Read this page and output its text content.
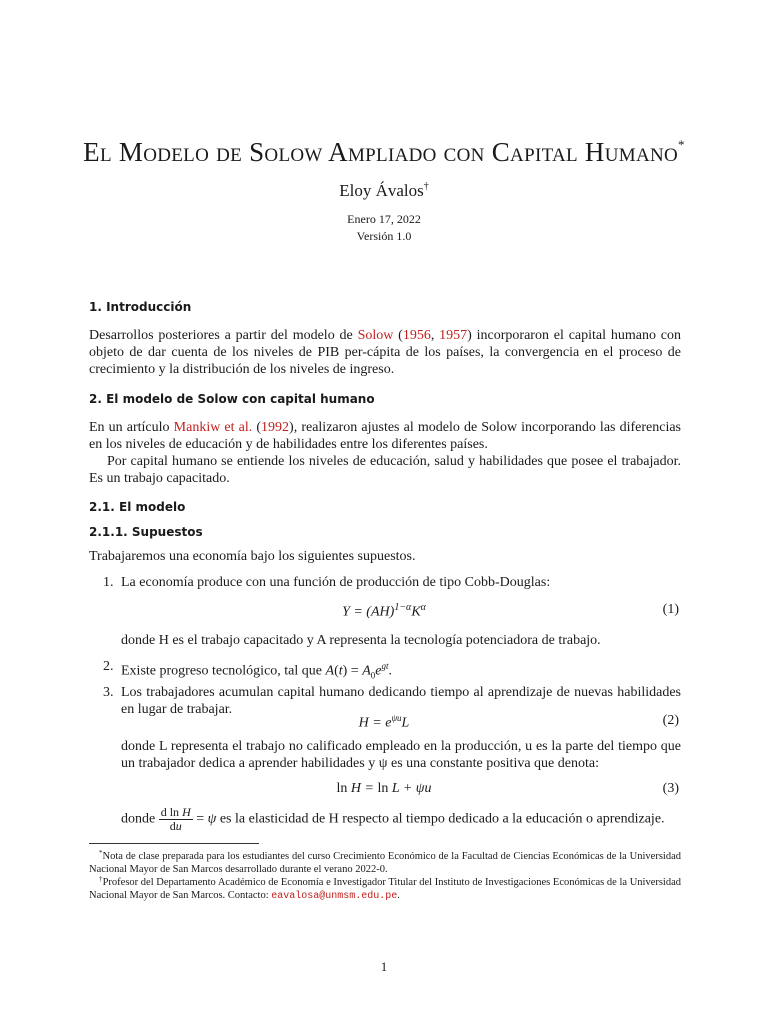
El Modelo de Solow Ampliado con Capital Humano*
Eloy Ávalos†
Enero 17, 2022
Versión 1.0
1. Introducción
Desarrollos posteriores a partir del modelo de Solow (1956, 1957) incorporaron el capital humano con objeto de dar cuenta de los niveles de PIB per-cápita de los países, la convergencia en el proceso de crecimiento y la distribución de los niveles de ingreso.
2. El modelo de Solow con capital humano
En un artículo Mankiw et al. (1992), realizaron ajustes al modelo de Solow incorporando las diferencias en los niveles de educación y de habilidades entre los diferentes países.
Por capital humano se entiende los niveles de educación, salud y habilidades que posee el trabajador. Es un trabajo capacitado.
2.1. El modelo
2.1.1. Supuestos
Trabajaremos una economía bajo los siguientes supuestos.
1. La economía produce con una función de producción de tipo Cobb-Douglas:
$Y = (AH)^{1-\alpha}K^\alpha$	(1)
donde H es el trabajo capacitado y A representa la tecnología potenciadora de trabajo.
2. Existe progreso tecnológico, tal que $A(t) = A_0e^{gt}$.
3. Los trabajadores acumulan capital humano dedicando tiempo al aprendizaje de nuevas habilidades en lugar de trabajar.
$H = e^{\psi u}L$	(2)
donde L representa el trabajo no calificado empleado en la producción, u es la parte del tiempo que un trabajador dedica a aprender habilidades y ψ es una constante positiva que denota:
ln H = ln L + ψu	(3)
donde $\frac{\text{d ln H}}{du} = \psi$ es la elasticidad de H respecto al tiempo dedicado a la educación o aprendizaje.
*Nota de clase preparada para los estudiantes del curso Crecimiento Económico de la Facultad de Ciencias Económicas de la Universidad Nacional Mayor de San Marcos desarrollado durante el verano 2022-0.
†Profesor del Departamento Académico de Economía e Investigador Titular del Instituto de Investigaciones Económicas de la Universidad Nacional Mayor de San Marcos. Contacto: eavalosa@unmsm.edu.pe.
1
